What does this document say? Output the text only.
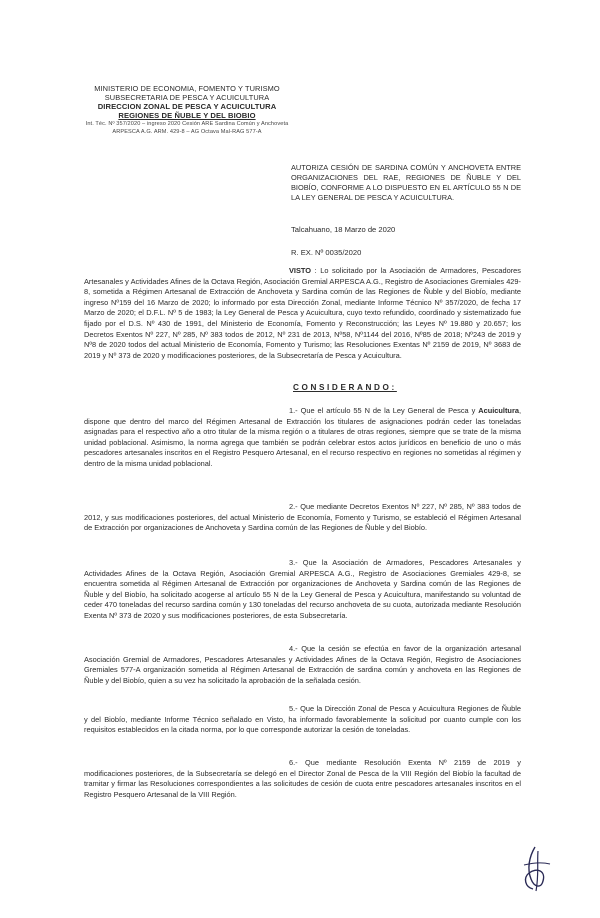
MINISTERIO DE ECONOMIA, FOMENTO Y TURISMO
SUBSECRETARIA DE PESCA Y ACUICULTURA
DIRECCION ZONAL DE PESCA Y ACUICULTURA
REGIONES DE ÑUBLE Y DEL BIOBIO
Int. Téc. Nº 357/2020 – ingreso 2020 Cesión ARE Sardina Común y Anchoveta
ARPESCA A.G. ARM. 429-8 – AG Octava Mal-RAG 577-A
AUTORIZA CESIÓN DE SARDINA COMÚN Y ANCHOVETA ENTRE ORGANIZACIONES DEL RAE, REGIONES DE ÑUBLE Y DEL BIOBÍO, CONFORME A LO DISPUESTO EN EL ARTÍCULO 55 N DE LA LEY GENERAL DE PESCA Y ACUICULTURA.
Talcahuano, 18 Marzo de 2020
R. EX. Nº 0035/2020
VISTO : Lo solicitado por la Asociación de Armadores, Pescadores Artesanales y Actividades Afines de la Octava Región, Asociación Gremial ARPESCA A.G., Registro de Asociaciones Gremiales 429-8, sometida a Régimen Artesanal de Extracción de Anchoveta y Sardina común de las Regiones de Ñuble y del Biobío, mediante ingreso Nº159 del 16 Marzo de 2020; lo informado por esta Dirección Zonal, mediante Informe Técnico Nº 357/2020, de fecha 17 Marzo de 2020; el D.F.L. Nº 5 de 1983; la Ley General de Pesca y Acuicultura, cuyo texto refundido, coordinado y sistematizado fue fijado por el D.S. Nº 430 de 1991, del Ministerio de Economía, Fomento y Reconstrucción; las Leyes Nº 19.880 y 20.657; los Decretos Exentos Nº 227, Nº 285, Nº 383 todos de 2012, Nº 231 de 2013, Nº58, Nº1144 del 2016, Nº85 de 2018; Nº243 de 2019 y Nº8 de 2020 todos del actual Ministerio de Economía, Fomento y Turismo; las Resoluciones Exentas Nº 2159 de 2019, Nº 3683 de 2019 y Nº 373 de 2020 y modificaciones posteriores, de la Subsecretaría de Pesca y Acuicultura.
CONSIDERANDO:
1.- Que el artículo 55 N de la Ley General de Pesca y Acuicultura, dispone que dentro del marco del Régimen Artesanal de Extracción los titulares de asignaciones podrán ceder las toneladas asignadas para el respectivo año a otro titular de la misma región o a titulares de otras regiones, siempre que se trate de la misma unidad poblacional. Asimismo, la norma agrega que también se podrán celebrar estos actos jurídicos en beneficio de uno o más pescadores artesanales inscritos en el Registro Pesquero Artesanal, en el recurso respectivo en regiones no sometidas al régimen y dentro de la misma unidad poblacional.
2.- Que mediante Decretos Exentos Nº 227, Nº 285, Nº 383 todos de 2012, y sus modificaciones posteriores, del actual Ministerio de Economía, Fomento y Turismo, se estableció el Régimen Artesanal de Extracción por organizaciones de Anchoveta y Sardina común de las Regiones de Ñuble y del Biobío.
3.- Que la Asociación de Armadores, Pescadores Artesanales y Actividades Afines de la Octava Región, Asociación Gremial ARPESCA A.G., Registro de Asociaciones Gremiales 429-8, se encuentra sometida al Régimen Artesanal de Extracción por organizaciones de Anchoveta y Sardina común de las Regiones de Ñuble y del Biobío, ha solicitado acogerse al artículo 55 N de la Ley General de Pesca y Acuicultura, manifestando su voluntad de ceder 470 toneladas del recurso sardina común y 130 toneladas del recurso anchoveta de su cuota, autorizada mediante Resolución Exenta Nº 373 de 2020 y sus modificaciones posteriores, de esta Subsecretaría.
4.- Que la cesión se efectúa en favor de la organización artesanal Asociación Gremial de Armadores, Pescadores Artesanales y Actividades Afines de la Octava Región, Registro de Asociaciones Gremiales 577-A organización sometida al Régimen Artesanal de Extracción de sardina común y anchoveta en las Regiones de Ñuble y del Biobío, quien a su vez ha solicitado la aprobación de la señalada cesión.
5.- Que la Dirección Zonal de Pesca y Acuicultura Regiones de Ñuble y del Biobío, mediante Informe Técnico señalado en Visto, ha informado favorablemente la solicitud por cuanto cumple con los requisitos establecidos en la citada norma, por lo que corresponde autorizar la cesión de toneladas.
6.- Que mediante Resolución Exenta Nº 2159 de 2019 y modificaciones posteriores, de la Subsecretaría se delegó en el Director Zonal de Pesca de la VIII Región del Biobío la facultad de tramitar y firmar las Resoluciones correspondientes a las solicitudes de cesión de cuota entre pescadores artesanales inscritos en el Registro Pesquero Artesanal de la VIII Región.
